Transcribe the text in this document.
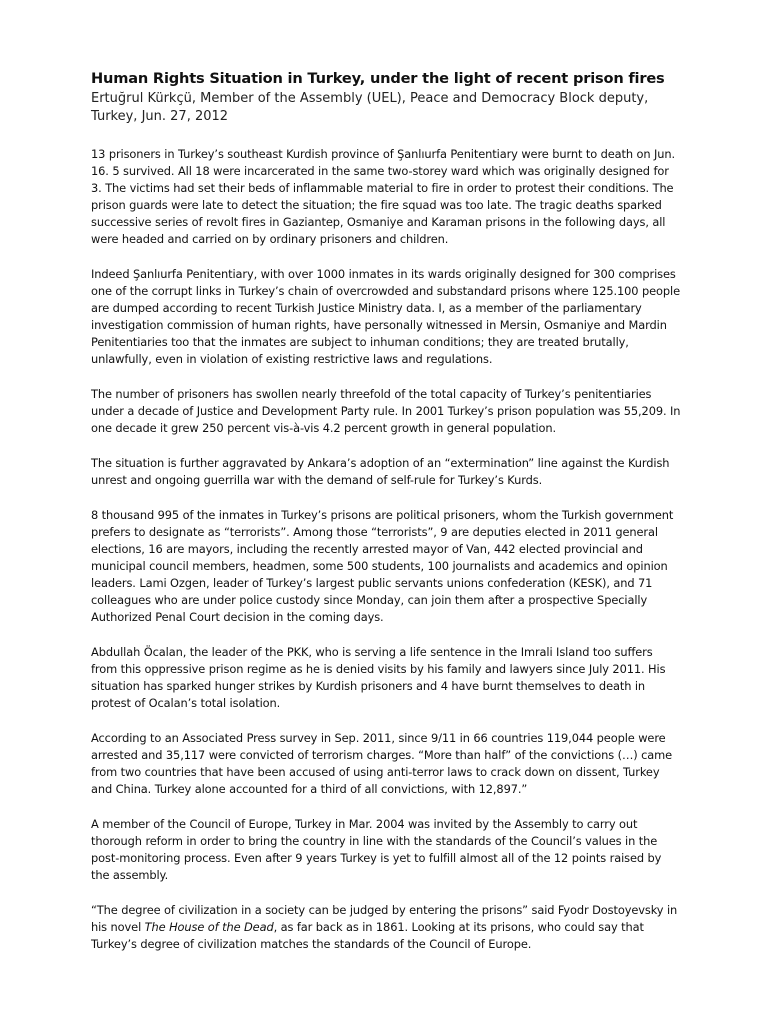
Human Rights Situation in Turkey, under the light of recent prison fires
Ertuğrul Kürkçü, Member of the Assembly (UEL), Peace and Democracy Block deputy,
Turkey, Jun. 27, 2012

13 prisoners in Turkey’s southeast Kurdish province of Şanlıurfa Penitentiary were burnt to death on Jun. 16. 5 survived. All 18 were incarcerated in the same two-storey ward which was originally designed for 3. The victims had set their beds of inflammable material to fire in order to protest their conditions. The prison guards were late to detect the situation; the fire squad was too late. The tragic deaths sparked successive series of revolt fires in Gaziantep, Osmaniye and Karaman prisons in the following days, all were headed and carried on by ordinary prisoners and children.

Indeed Şanlıurfa Penitentiary, with over 1000 inmates in its wards originally designed for 300 comprises one of the corrupt links in Turkey’s chain of overcrowded and substandard prisons where 125.100 people are dumped according to recent Turkish Justice Ministry data. I, as a member of the parliamentary investigation commission of human rights, have personally witnessed in Mersin, Osmaniye and Mardin Penitentiaries too that the inmates are subject to inhuman conditions; they are treated brutally, unlawfully, even in violation of existing restrictive laws and regulations.

The number of prisoners has swollen nearly threefold of the total capacity of Turkey’s penitentiaries under a decade of Justice and Development Party rule. In 2001 Turkey’s prison population was 55,209. In one decade it grew 250 percent vis-à-vis 4.2 percent growth in general population.

The situation is further aggravated by Ankara’s adoption of an “extermination” line against the Kurdish unrest and ongoing guerrilla war with the demand of self-rule for Turkey’s Kurds.

8 thousand 995 of the inmates in Turkey’s prisons are political prisoners, whom the Turkish government prefers to designate as “terrorists”. Among those “terrorists”, 9 are deputies elected in 2011 general elections, 16 are mayors, including the recently arrested mayor of Van, 442 elected provincial and municipal council members, headmen, some 500 students, 100 journalists and academics and opinion leaders. Lami Ozgen, leader of Turkey’s largest public servants unions confederation (KESK), and 71 colleagues who are under police custody since Monday, can join them after a prospective Specially Authorized Penal Court decision in the coming days.

Abdullah Öcalan, the leader of the PKK, who is serving a life sentence in the Imrali Island too suffers from this oppressive prison regime as he is denied visits by his family and lawyers since July 2011. His situation has sparked hunger strikes by Kurdish prisoners and 4 have burnt themselves to death in protest of Ocalan’s total isolation.

According to an Associated Press survey in Sep. 2011, since 9/11 in 66 countries 119,044 people were arrested and 35,117 were convicted of terrorism charges. “More than half” of the convictions (…) came from two countries that have been accused of using anti-terror laws to crack down on dissent, Turkey and China. Turkey alone accounted for a third of all convictions, with 12,897.”

A member of the Council of Europe, Turkey in Mar. 2004 was invited by the Assembly to carry out thorough reform in order to bring the country in line with the standards of the Council’s values in the post-monitoring process. Even after 9 years Turkey is yet to fulfill almost all of the 12 points raised by the assembly.

“The degree of civilization in a society can be judged by entering the prisons” said Fyodr Dostoyevsky in his novel The House of the Dead, as far back as in 1861. Looking at its prisons, who could say that Turkey’s degree of civilization matches the standards of the Council of Europe.
